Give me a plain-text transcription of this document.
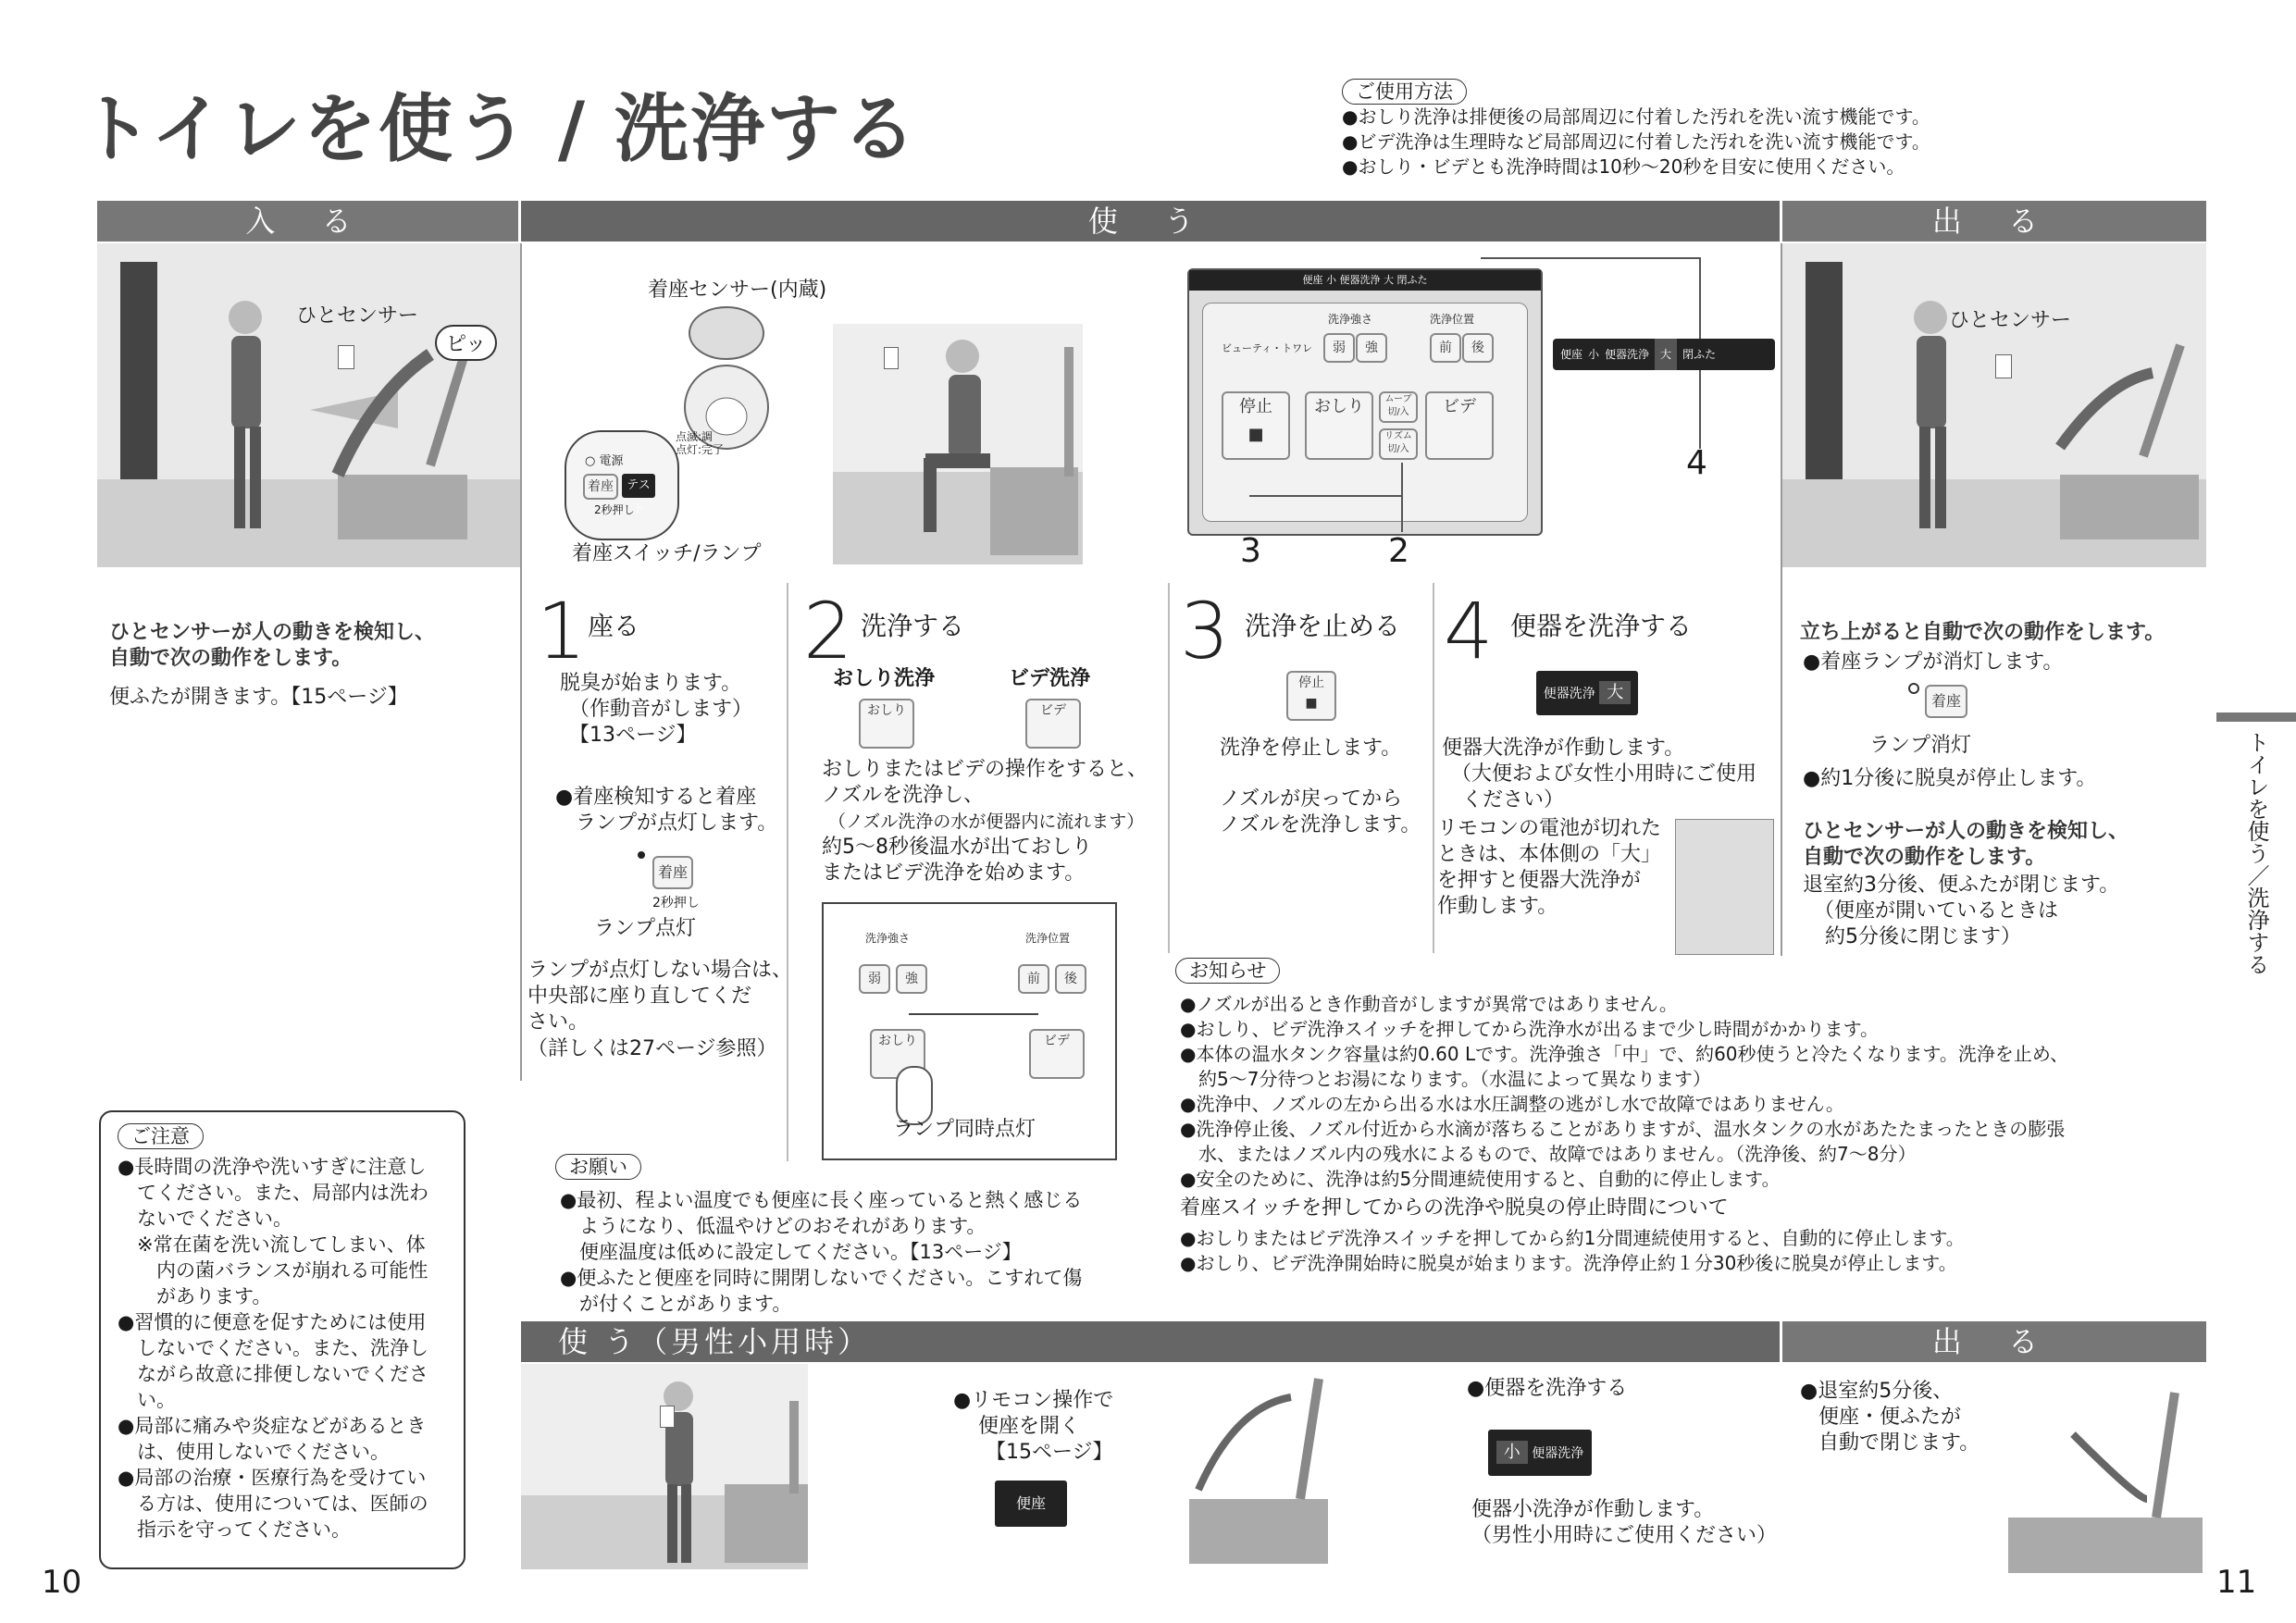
トイレを使う / 洗浄する	ご使用方法
●おしり洗浄は排便後の局部周辺に付着した汚れを洗い流す機能です。
●ビデ洗浄は生理時など局部周辺に付着した汚れを洗い流す機能です。
●おしり・ビデとも洗浄時間は10秒〜20秒を目安に使用ください。
入 る	使 う	出 る
ひとセンサー
ピッ
ひとセンサーが人の動きを検知し、
自動で次の動作をします。
便ふたが開きます。【15ページ】
着座センサー(内蔵)
○ 電源
着座	テスト
2秒押し
点滅:調
点灯:完了
着座スイッチ/ランプ
便座 小 便器洗浄 大 閉ふた
ビューティ・トワレ
洗浄強さ	洗浄位置
弱	強	前	後
停止
■
おしり	ムーブ 切/入
リズム 切/入
ビデ
3	2
便座 小 便器洗浄	大	閉ふた
4
ひとセンサー
1 座る
脱臭が始まります。
（作動音がします）
【13ページ】
●着座検知すると着座
ランプが点灯します。
着座
2秒押し
ランプ点灯
ランプが点灯しない場合は、
中央部に座り直してくだ
さい。
（詳しくは27ページ参照）
2 洗浄する
おしり洗浄	ビデ洗浄
おしり	ビデ
おしりまたはビデの操作をすると、
ノズルを洗浄し、
（ノズル洗浄の水が便器内に流れます）
約5〜8秒後温水が出ておしり
またはビデ洗浄を始めます。
洗浄強さ	洗浄位置
弱	強	前	後
おしり	ビデ
ランプ同時点灯
3 洗浄を止める
停止
■
洗浄を停止します。
ノズルが戻ってから
ノズルを洗浄します。
4 便器を洗浄する
便器洗浄 大
便器大洗浄が作動します。
（大便および女性小用時にご使用
ください）
リモコンの電池が切れた
ときは、本体側の「大」
を押すと便器大洗浄が
作動します。
立ち上がると自動で次の動作をします。
●着座ランプが消灯します。
着座
ランプ消灯
●約1分後に脱臭が停止します。
ひとセンサーが人の動きを検知し、
自動で次の動作をします。
退室約3分後、便ふたが閉じます。
（便座が開いているときは
約5分後に閉じます）
お知らせ
●ノズルが出るとき作動音がしますが異常ではありません。
●おしり、ビデ洗浄スイッチを押してから洗浄水が出るまで少し時間がかかります。
●本体の温水タンク容量は約0.60 Lです。洗浄強さ「中」で、約60秒使うと冷たくなります。洗浄を止め、
　約5〜7分待つとお湯になります。（水温によって異なります）
●洗浄中、ノズルの左から出る水は水圧調整の逃がし水で故障ではありません。
●洗浄停止後、ノズル付近から水滴が落ちることがありますが、温水タンクの水があたたまったときの膨張
　水、またはノズル内の残水によるもので、故障ではありません。（洗浄後、約7〜8分）
●安全のために、洗浄は約5分間連続使用すると、自動的に停止します。
着座スイッチを押してからの洗浄や脱臭の停止時間について
●おしりまたはビデ洗浄スイッチを押してから約1分間連続使用すると、自動的に停止します。
●おしり、ビデ洗浄開始時に脱臭が始まります。洗浄停止約１分30秒後に脱臭が停止します。
ご注意
●長時間の洗浄や洗いすぎに注意し
　てください。また、局部内は洗わ
　ないでください。
　※常在菌を洗い流してしまい、体
　　内の菌バランスが崩れる可能性
　　があります。
●習慣的に便意を促すためには使用
　しないでください。また、洗浄し
　ながら故意に排便しないでくださ
　い。
●局部に痛みや炎症などがあるとき
　は、使用しないでください。
●局部の治療・医療行為を受けてい
　る方は、使用については、医師の
　指示を守ってください。
お願い
●最初、程よい温度でも便座に長く座っていると熱く感じる
　ようになり、低温やけどのおそれがあります。
　便座温度は低めに設定してください。【13ページ】
●便ふたと便座を同時に開閉しないでください。こすれて傷
　が付くことがあります。
使 う（男性小用時）	出 る
●リモコン操作で
便座を開く
【15ページ】
便座
●便器を洗浄する
小 便器洗浄
便器小洗浄が作動します。
（男性小用時にご使用ください）
●退室約5分後、
便座・便ふたが
自動で閉じます。
トイレを使う／洗浄する
10	11
